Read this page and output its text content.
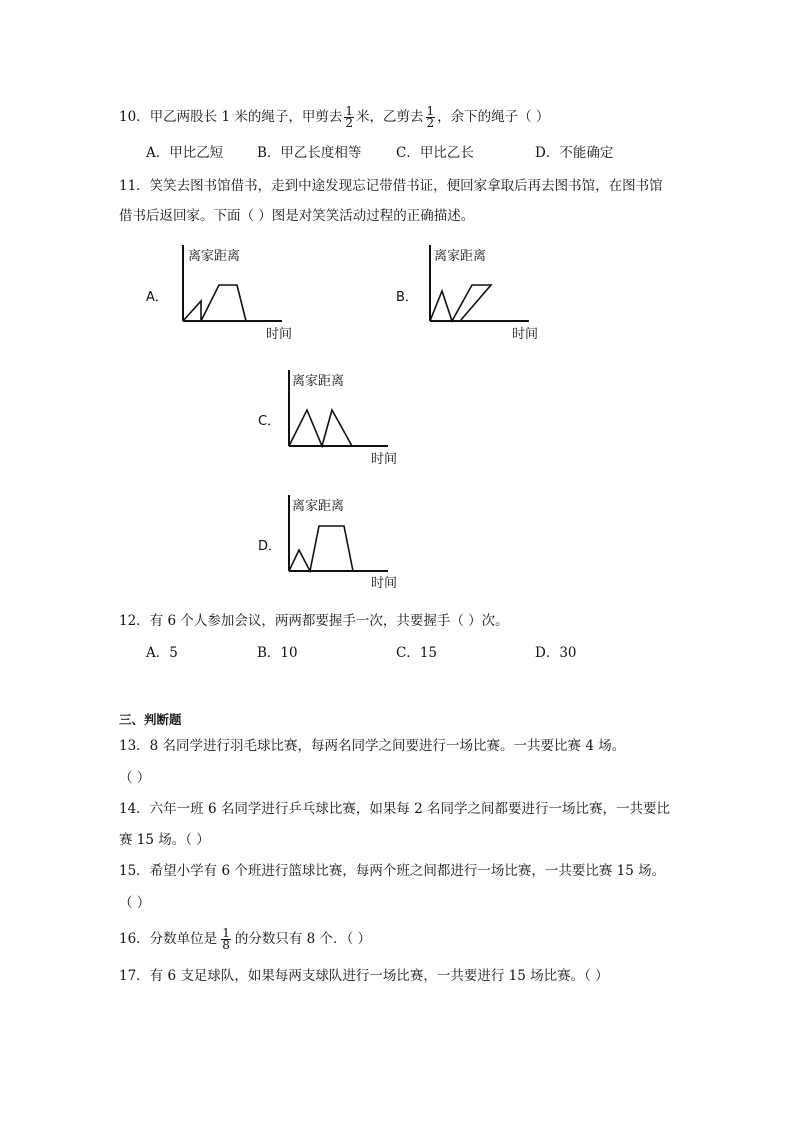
10．甲乙两股长 1 米的绳子，甲剪去 $\frac{1}{2}$ 米，乙剪去 $\frac{1}{2}$ ，余下的绳子（ ）
A．甲比乙短	B．甲乙长度相等	C．甲比乙长	D．不能确定
11．笑笑去图书馆借书，走到中途发现忘记带借书证，便回家拿取后再去图书馆，在图书馆
借书后返回家。下面（ ）图是对笑笑活动过程的正确描述。
A．
离家距离
时间
B．
离家距离
时间
C．
离家距离
时间
D．
离家距离
时间
12．有 6 个人参加会议，两两都要握手一次，共要握手（ ）次。
A．5	B．10	C．15	D．30
三、判断题
13．8 名同学进行羽毛球比赛，每两名同学之间要进行一场比赛。一共要比赛 4 场。
（ ）
14．六年一班 6 名同学进行乒乓球比赛，如果每 2 名同学之间都要进行一场比赛，一共要比
赛 15 场。（ ）
15．希望小学有 6 个班进行篮球比赛，每两个班之间都进行一场比赛，一共要比赛 15 场。
（ ）
16．分数单位是 $\frac{1}{8}$ 的分数只有 8 个．（ ）
17．有 6 支足球队，如果每两支球队进行一场比赛，一共要进行 15 场比赛。（ ）
